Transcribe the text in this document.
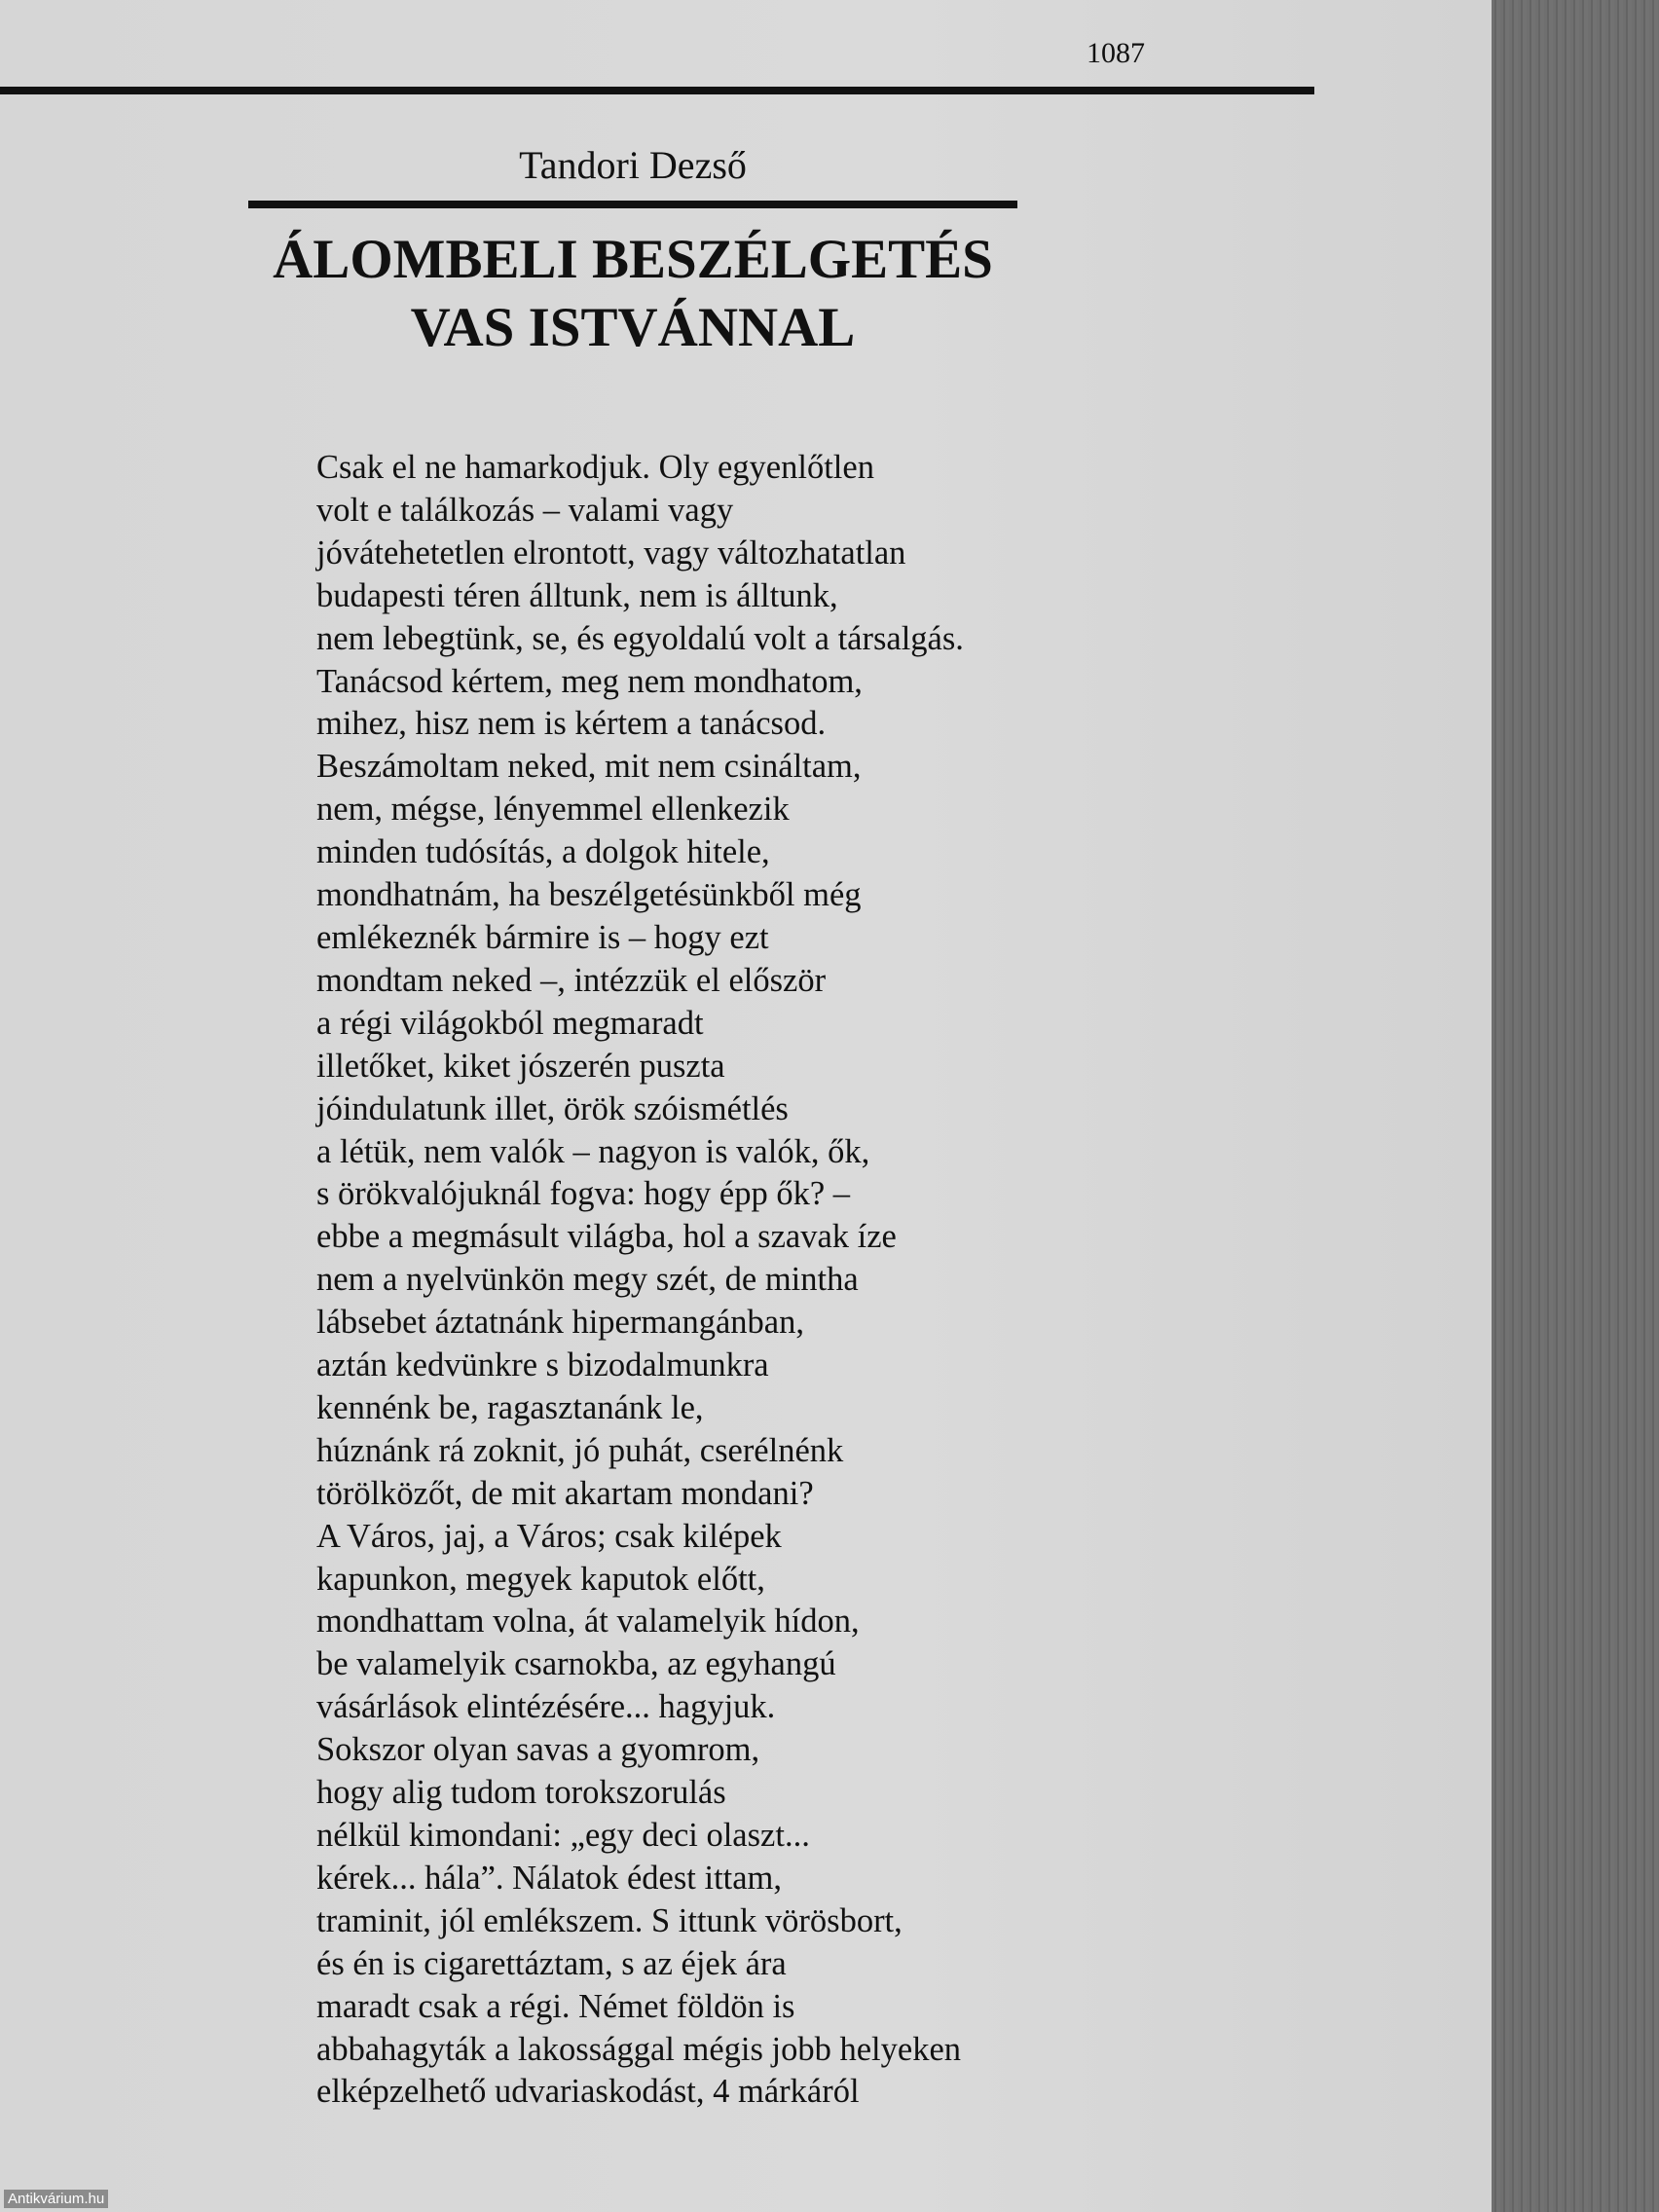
1087
Tandori Dezső
ÁLOMBELI BESZÉLGETÉS
VAS ISTVÁNNAL
Csak el ne hamarkodjuk. Oly egyenlőtlen
volt e találkozás – valami vagy
jóvátehetetlen elrontott, vagy változhatatlan
budapesti téren álltunk, nem is álltunk,
nem lebegtünk, se, és egyoldalú volt a társalgás.
Tanácsod kértem, meg nem mondhatom,
mihez, hisz nem is kértem a tanácsod.
Beszámoltam neked, mit nem csináltam,
nem, mégse, lényemmel ellenkezik
minden tudósítás, a dolgok hitele,
mondhatnám, ha beszélgetésünkből még
emlékeznék bármire is – hogy ezt
mondtam neked –, intézzük el először
a régi világokból megmaradt
illetőket, kiket jószerén puszta
jóindulatunk illet, örök szóismétlés
a létük, nem valók – nagyon is valók, ők,
s örökvalójuknál fogva: hogy épp ők? –
ebbe a megmásult világba, hol a szavak íze
nem a nyelvünkön megy szét, de mintha
lábsebet áztatnánk hipermangánban,
aztán kedvünkre s bizodalmunkra
kennénk be, ragasztanánk le,
húznánk rá zoknit, jó puhát, cserélnénk
törölközőt, de mit akartam mondani?
A Város, jaj, a Város; csak kilépek
kapunkon, megyek kaputok előtt,
mondhattam volna, át valamelyik hídon,
be valamelyik csarnokba, az egyhangú
vásárlások elintézésére... hagyjuk.
Sokszor olyan savas a gyomrom,
hogy alig tudom torokszorulás
nélkül kimondani: „egy deci olaszt...
kérek... hála”. Nálatok édest ittam,
traminit, jól emlékszem. S ittunk vörösbort,
és én is cigarettáztam, s az éjek ára
maradt csak a régi. Német földön is
abbahagyták a lakossággal mégis jobb helyeken
elképzelhető udvariaskodást, 4 márkáról
Antikvárium.hu
